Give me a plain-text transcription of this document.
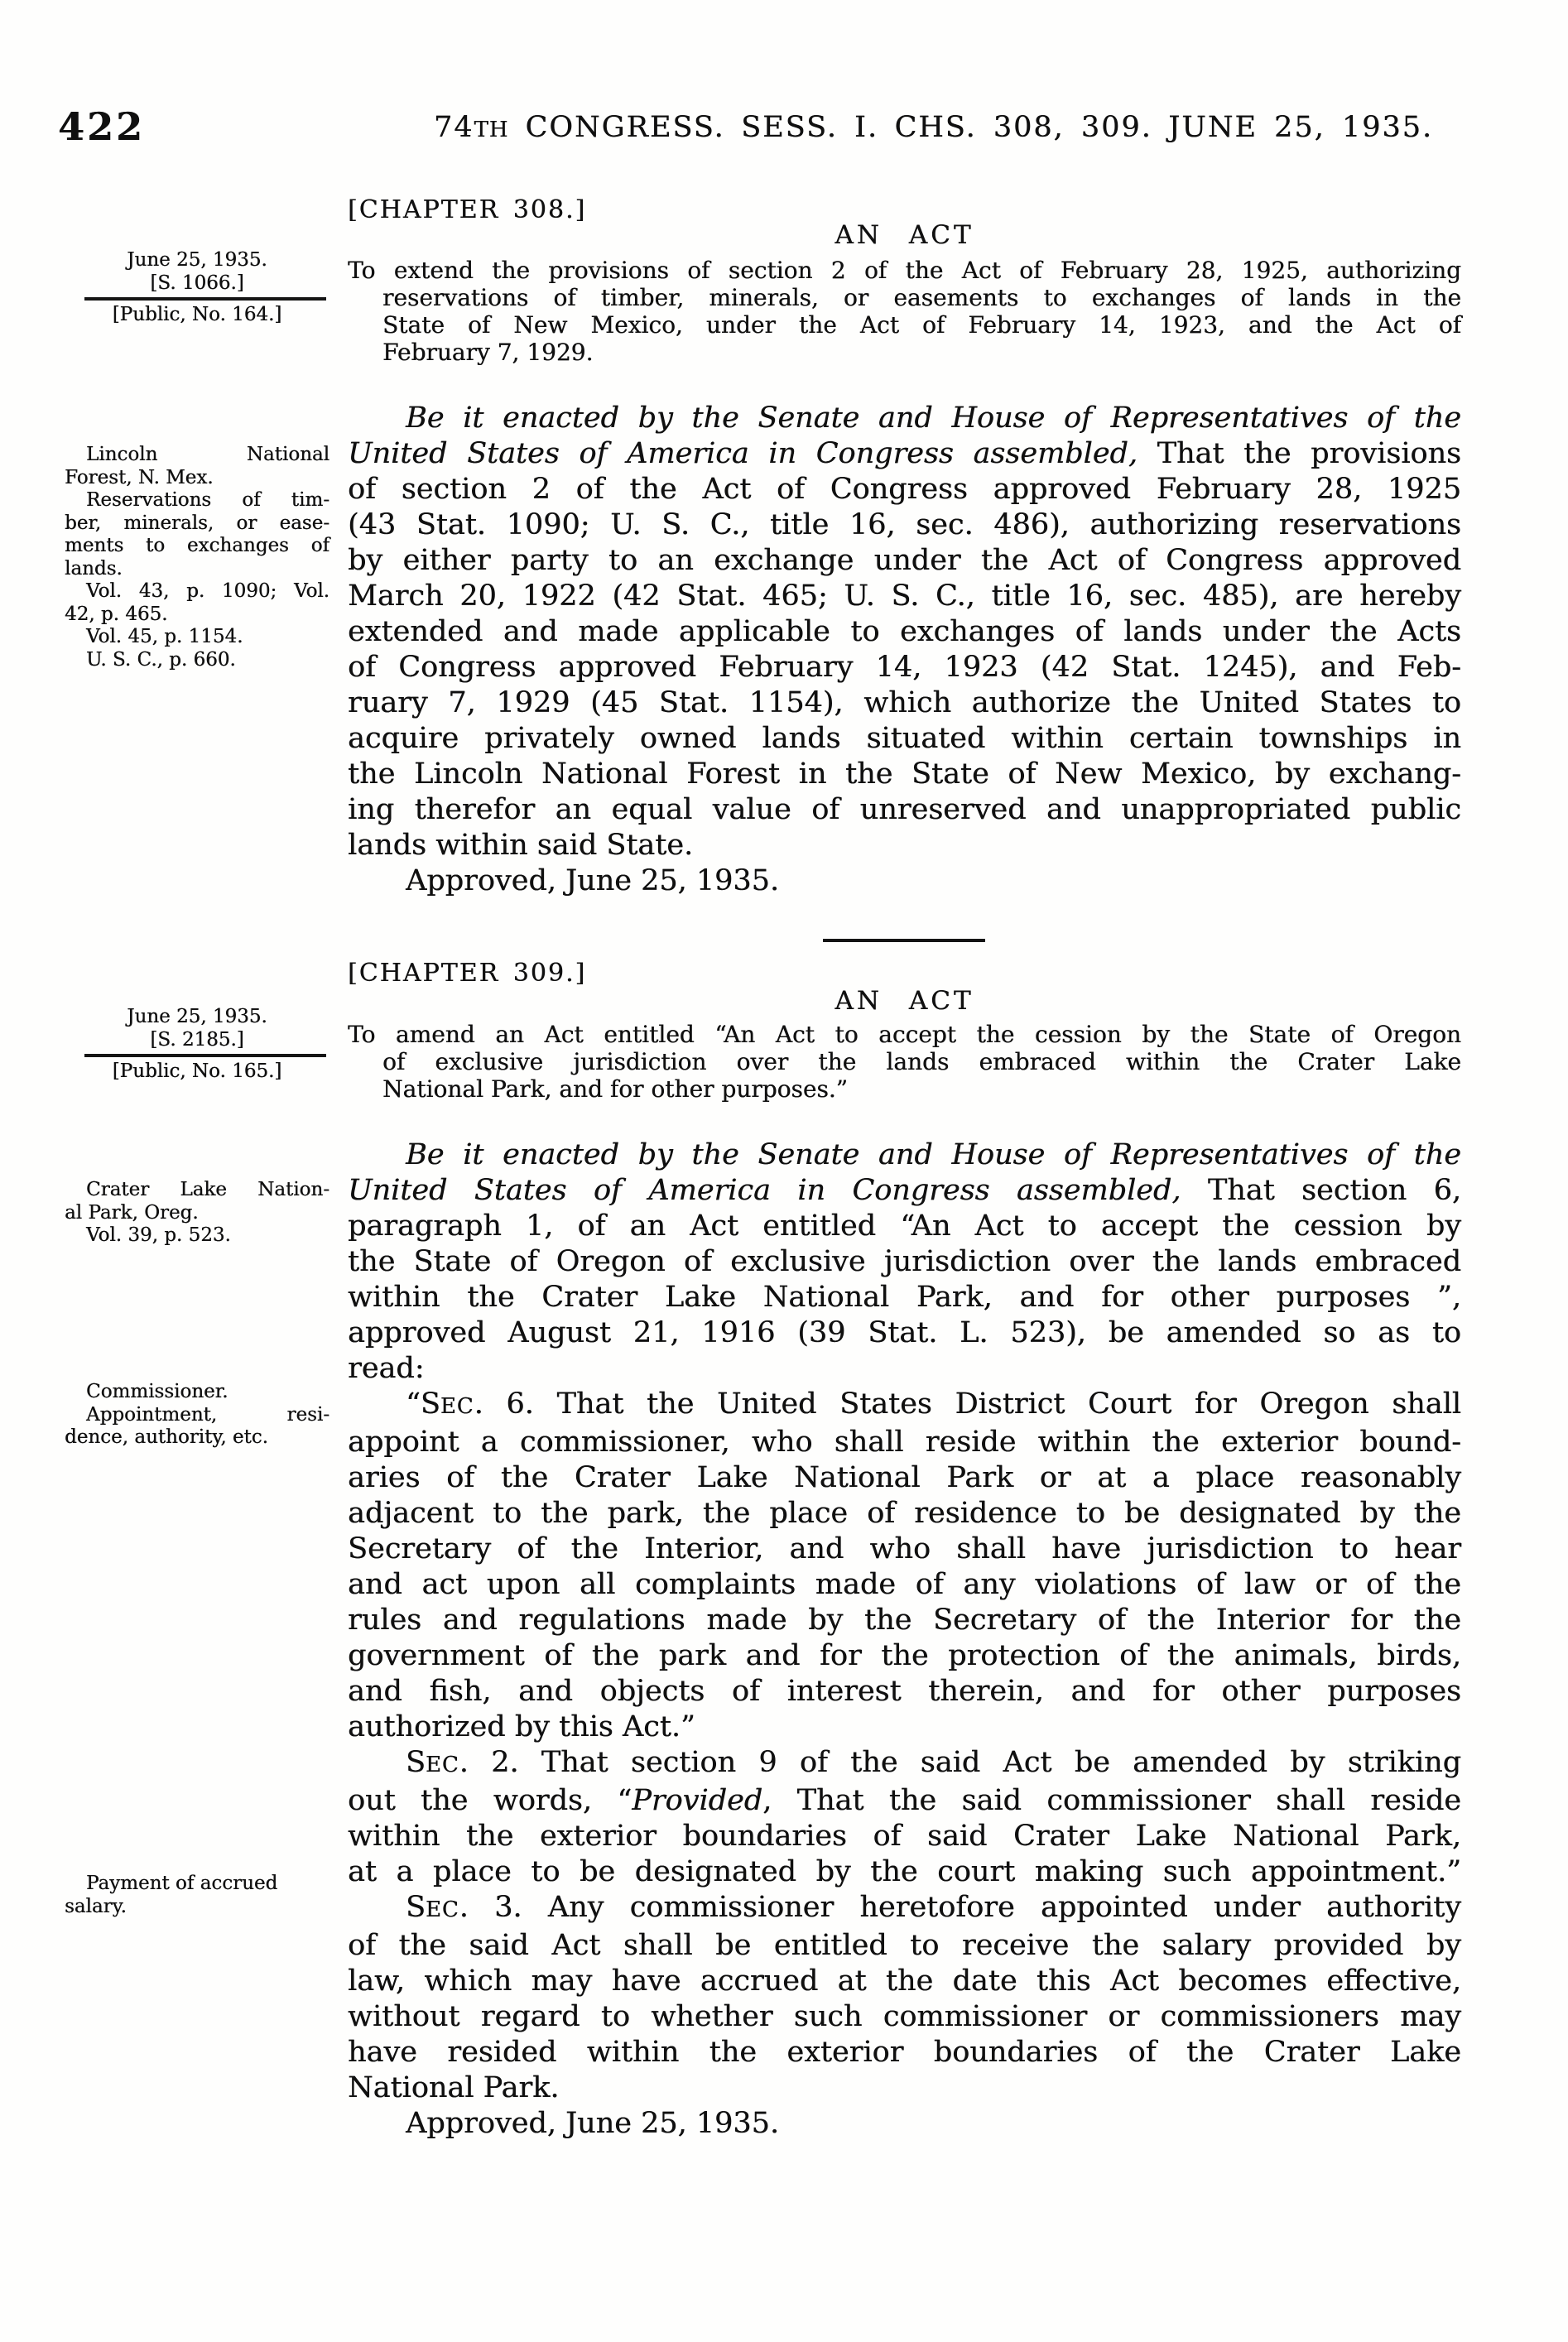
422	74TH CONGRESS. SESS. I. CHS. 308, 309. JUNE 25, 1935.
[CHAPTER 308.]
AN ACT
June 25, 1935.
[S. 1066.]
[Public, No. 164.]
To extend the provisions of section 2 of the Act of February 28, 1925, authorizing
reservations of timber, minerals, or easements to exchanges of lands in the
State of New Mexico, under the Act of February 14, 1923, and the Act of
February 7, 1929.
Be it enacted by the Senate and House of Representatives of the
United States of America in Congress assembled, That the provisions
of section 2 of the Act of Congress approved February 28, 1925
(43 Stat. 1090; U. S. C., title 16, sec. 486), authorizing reservations
by either party to an exchange under the Act of Congress approved
March 20, 1922 (42 Stat. 465; U. S. C., title 16, sec. 485), are hereby
extended and made applicable to exchanges of lands under the Acts
of Congress approved February 14, 1923 (42 Stat. 1245), and Feb-
ruary 7, 1929 (45 Stat. 1154), which authorize the United States to
acquire privately owned lands situated within certain townships in
the Lincoln National Forest in the State of New Mexico, by exchang-
ing therefor an equal value of unreserved and unappropriated public
lands within said State.
Approved, June 25, 1935.
Lincoln National
Forest, N. Mex.
Reservations of tim-
ber, minerals, or ease-
ments to exchanges of
lands.
Vol. 43, p. 1090; Vol.
42, p. 465.
Vol. 45, p. 1154.
U. S. C., p. 660.
[CHAPTER 309.]
AN ACT
June 25, 1935.
[S. 2185.]
[Public, No. 165.]
To amend an Act entitled “An Act to accept the cession by the State of Oregon
of exclusive jurisdiction over the lands embraced within the Crater Lake
National Park, and for other purposes.”
Be it enacted by the Senate and House of Representatives of the
United States of America in Congress assembled, That section 6,
paragraph 1, of an Act entitled “An Act to accept the cession by
the State of Oregon of exclusive jurisdiction over the lands embraced
within the Crater Lake National Park, and for other purposes ”,
approved August 21, 1916 (39 Stat. L. 523), be amended so as to
read:
“SEC. 6. That the United States District Court for Oregon shall
appoint a commissioner, who shall reside within the exterior bound-
aries of the Crater Lake National Park or at a place reasonably
adjacent to the park, the place of residence to be designated by the
Secretary of the Interior, and who shall have jurisdiction to hear
and act upon all complaints made of any violations of law or of the
rules and regulations made by the Secretary of the Interior for the
government of the park and for the protection of the animals, birds,
and fish, and objects of interest therein, and for other purposes
authorized by this Act.”
SEC. 2. That section 9 of the said Act be amended by striking
out the words, “Provided, That the said commissioner shall reside
within the exterior boundaries of said Crater Lake National Park,
at a place to be designated by the court making such appointment.”
SEC. 3. Any commissioner heretofore appointed under authority
of the said Act shall be entitled to receive the salary provided by
law, which may have accrued at the date this Act becomes effective,
without regard to whether such commissioner or commissioners may
have resided within the exterior boundaries of the Crater Lake
National Park.
Approved, June 25, 1935.
Crater Lake Nation-
al Park, Oreg.
Vol. 39, p. 523.
Commissioner.
Appointment, resi-
dence, authority, etc.
Payment of accrued
salary.
